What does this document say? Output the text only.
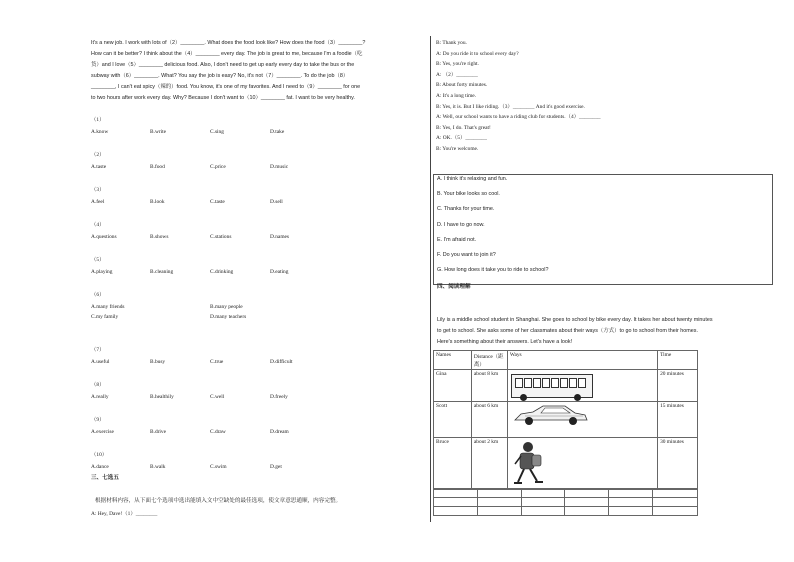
It's a new job. I work with lots of（2）________. What does the food look like? How does the food（3）________?
How can it be better? I think about the（4）________ every day. The job is great to me, because I'm a foodie（吃
货）and I love（5）________ delicious food. Also, I don't need to get up early every day to take the bus or the
subway with（6）________. What? You say the job is easy? No, it's not（7）________. To do the job（8）
________, I can't eat spicy（辣的）food. You know, it's one of my favorites. And I need to（9）________ for one
to two hours after work every day. Why? Because I don't want to（10）________ fat. I want to be very healthy.
（1）
A.know	B.write	C.sing	D.take
（2）
A.taste	B.food	C.price	D.music
（3）
A.feel	B.look	C.taste	D.sell
（4）
A.questions	B.shows	C.stations	D.names
（5）
A.playing	B.cleaning	C.drinking	D.eating
（6）
A.many friends	B.many people
C.my family	D.many teachers
（7）
A.useful	B.busy	C.true	D.difficult
（8）
A.really	B.healthily	C.well	D.freely
（9）
A.exercise	B.drive	C.draw	D.dream
（10）
A.dance	B.walk	C.swim	D.get
三、七选五
根据材料内容，从下面七个选项中选出能填入文中空缺处的最佳选项，使文章意思通顺，内容完整。
A: Hey, Dave!（1）________
B: Thank you.
A: Do you ride it to school every day?
B: Yes, you're right.
A: （2）________
B: About forty minutes.
A: It's a long time.
B: Yes, it is. But I like riding.（3）________ And it's good exercise.
A: Well, our school wants to have a riding club for students.（4）________
B: Yes, I do. That's great!
A: OK.（5）________
B: You're welcome.
A. I think it's relaxing and fun.
B. Your bike looks so cool.
C. Thanks for your time.
D. I have to go now.
E. I'm afraid not.
F. Do you want to join it?
G. How long does it take you to ride to school?
四、阅读理解
Lily is a middle school student in Shanghai. She goes to school by bike every day. It takes her about twenty minutes
to get to school. She asks some of her classmates about their ways（方式）to go to school from their homes.
Here's something about their answers. Let's have a look!
Names	Distance（距离）	Ways	Time
Gina	about 8 km		20 minutes
Scott	about 6 km		15 minutes
Bruce	about 2 km		30 minutes
